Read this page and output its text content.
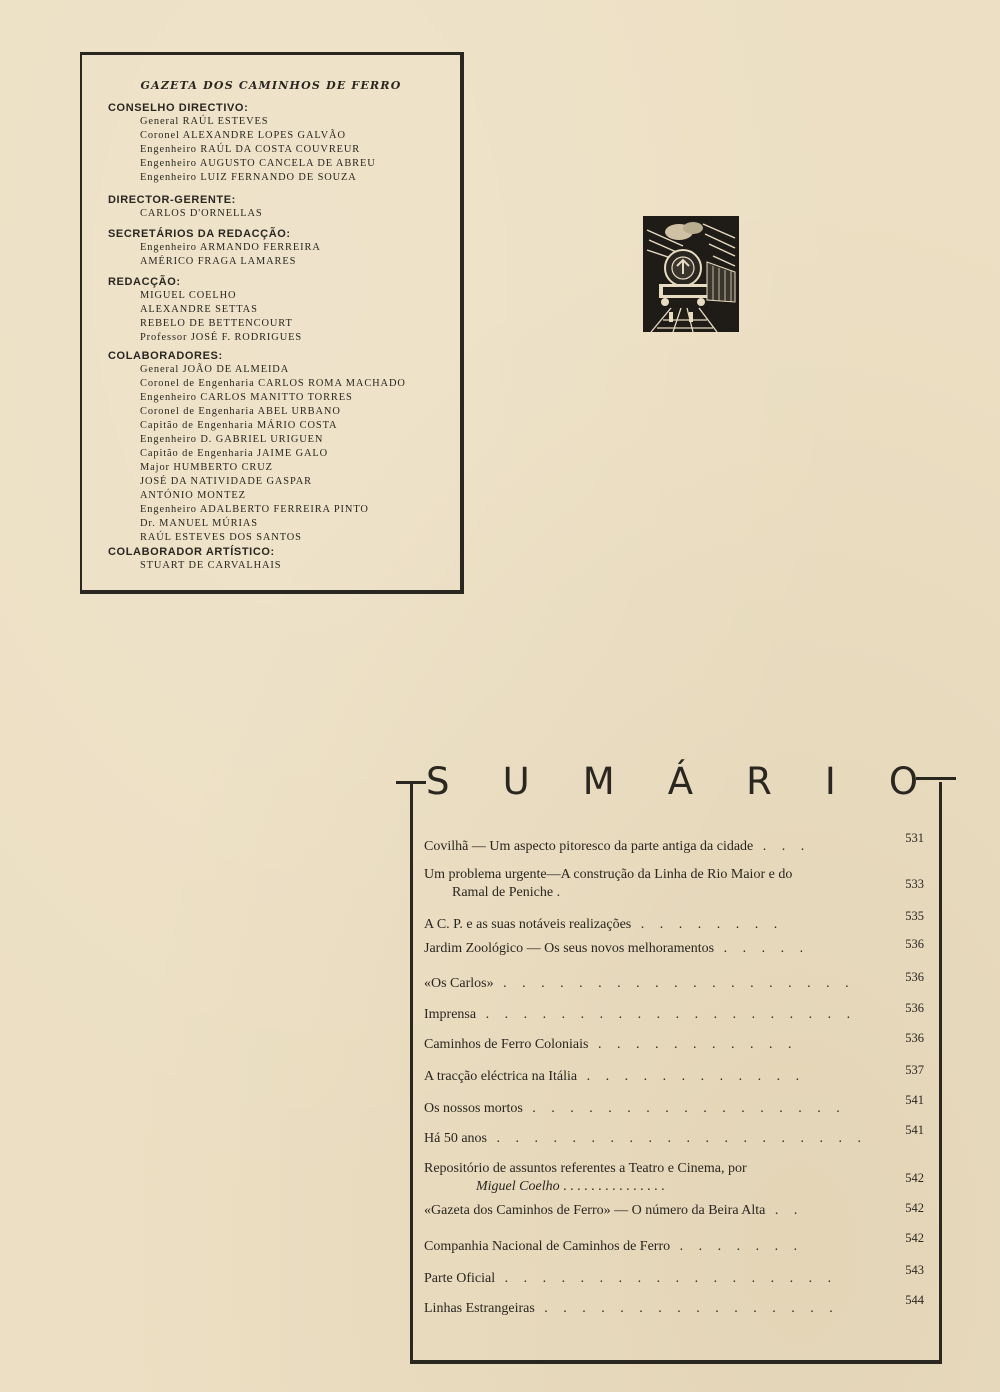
GAZETA DOS CAMINHOS DE FERRO
CONSELHO DIRECTIVO:
General RAÚL ESTEVES
Coronel ALEXANDRE LOPES GALVÃO
Engenheiro RAÚL DA COSTA COUVREUR
Engenheiro AUGUSTO CANCELA DE ABREU
Engenheiro LUIZ FERNANDO DE SOUZA
DIRECTOR-GERENTE:
CARLOS D'ORNELLAS
SECRETÁRIOS DA REDACÇÃO:
Engenheiro ARMANDO FERREIRA
AMÉRICO FRAGA LAMARES
REDACÇÃO:
MIGUEL COELHO
ALEXANDRE SETTAS
REBELO DE BETTENCOURT
Professor JOSÉ F. RODRIGUES
COLABORADORES:
General JOÃO DE ALMEIDA
Coronel de Engenharia CARLOS ROMA MACHADO
Engenheiro CARLOS MANITTO TORRES
Coronel de Engenharia ABEL URBANO
Capitão de Engenharia MÁRIO COSTA
Engenheiro D. GABRIEL URIGUEN
Capitão de Engenharia JAIME GALO
Major HUMBERTO CRUZ
JOSÉ DA NATIVIDADE GASPAR
ANTÓNIO MONTEZ
Engenheiro ADALBERTO FERREIRA PINTO
Dr. MANUEL MÚRIAS
RAÚL ESTEVES DOS SANTOS
COLABORADOR ARTÍSTICO:
STUART DE CARVALHAIS
S U M Á R I O
Covilhã — Um aspecto pitoresco da parte antiga da cidade . . .
531
Um problema urgente—A construção da Linha de Rio Maior e do
Ramal de Peniche .
533
A C. P. e as suas notáveis realizações . . . . . . . .
535
Jardim Zoológico — Os seus novos melhoramentos . . . . .	536
«Os Carlos» . . . . . . . . . . . . . . . . . . .	536
Imprensa . . . . . . . . . . . . . . . . . . . .	536
Caminhos de Ferro Coloniais . . . . . . . . . . .	536
A tracção eléctrica na Itália . . . . . . . . . . . .	537
Os nossos mortos . . . . . . . . . . . . . . . . .
541
Há 50 anos . . . . . . . . . . . . . . . . . . . .
541
Repositório de assuntos referentes a Teatro e Cinema, por
Miguel Coelho . . . . . . . . . . . . . . .
542
«Gazeta dos Caminhos de Ferro» — O número da Beira Alta . .	542
Companhia Nacional de Caminhos de Ferro . . . . . . .
542
Parte Oficial . . . . . . . . . . . . . . . . . .
543
Linhas Estrangeiras . . . . . . . . . . . . . . . .
544
